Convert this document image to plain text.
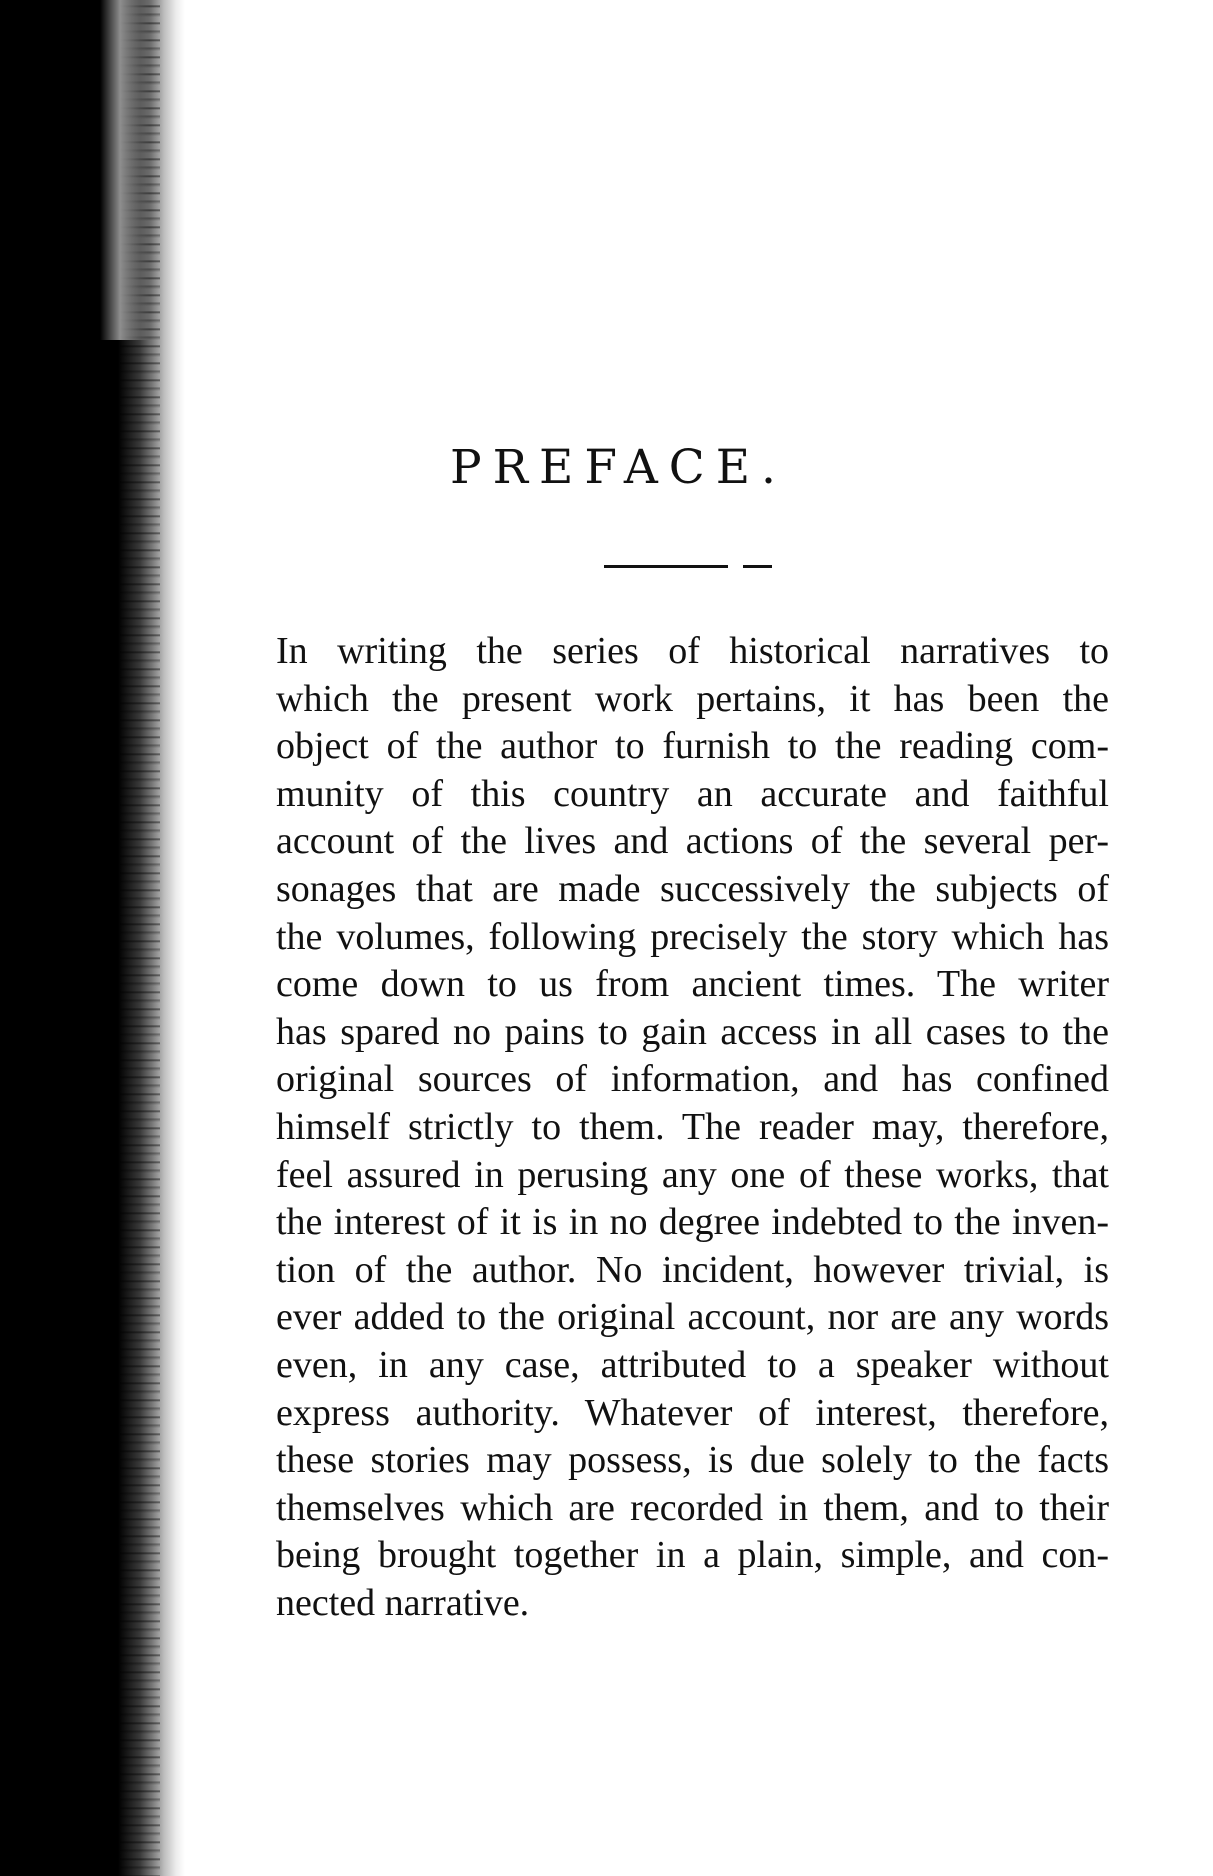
PREFACE.
In writing the series of historical narratives to
which the present work pertains, it has been the
object of the author to furnish to the reading com-
munity of this country an accurate and faithful
account of the lives and actions of the several per-
sonages that are made successively the subjects of
the volumes, following precisely the story which has
come down to us from ancient times. The writer
has spared no pains to gain access in all cases to the
original sources of information, and has confined
himself strictly to them. The reader may, therefore,
feel assured in perusing any one of these works, that
the interest of it is in no degree indebted to the inven-
tion of the author. No incident, however trivial, is
ever added to the original account, nor are any words
even, in any case, attributed to a speaker without
express authority. Whatever of interest, therefore,
these stories may possess, is due solely to the facts
themselves which are recorded in them, and to their
being brought together in a plain, simple, and con-
nected narrative.
